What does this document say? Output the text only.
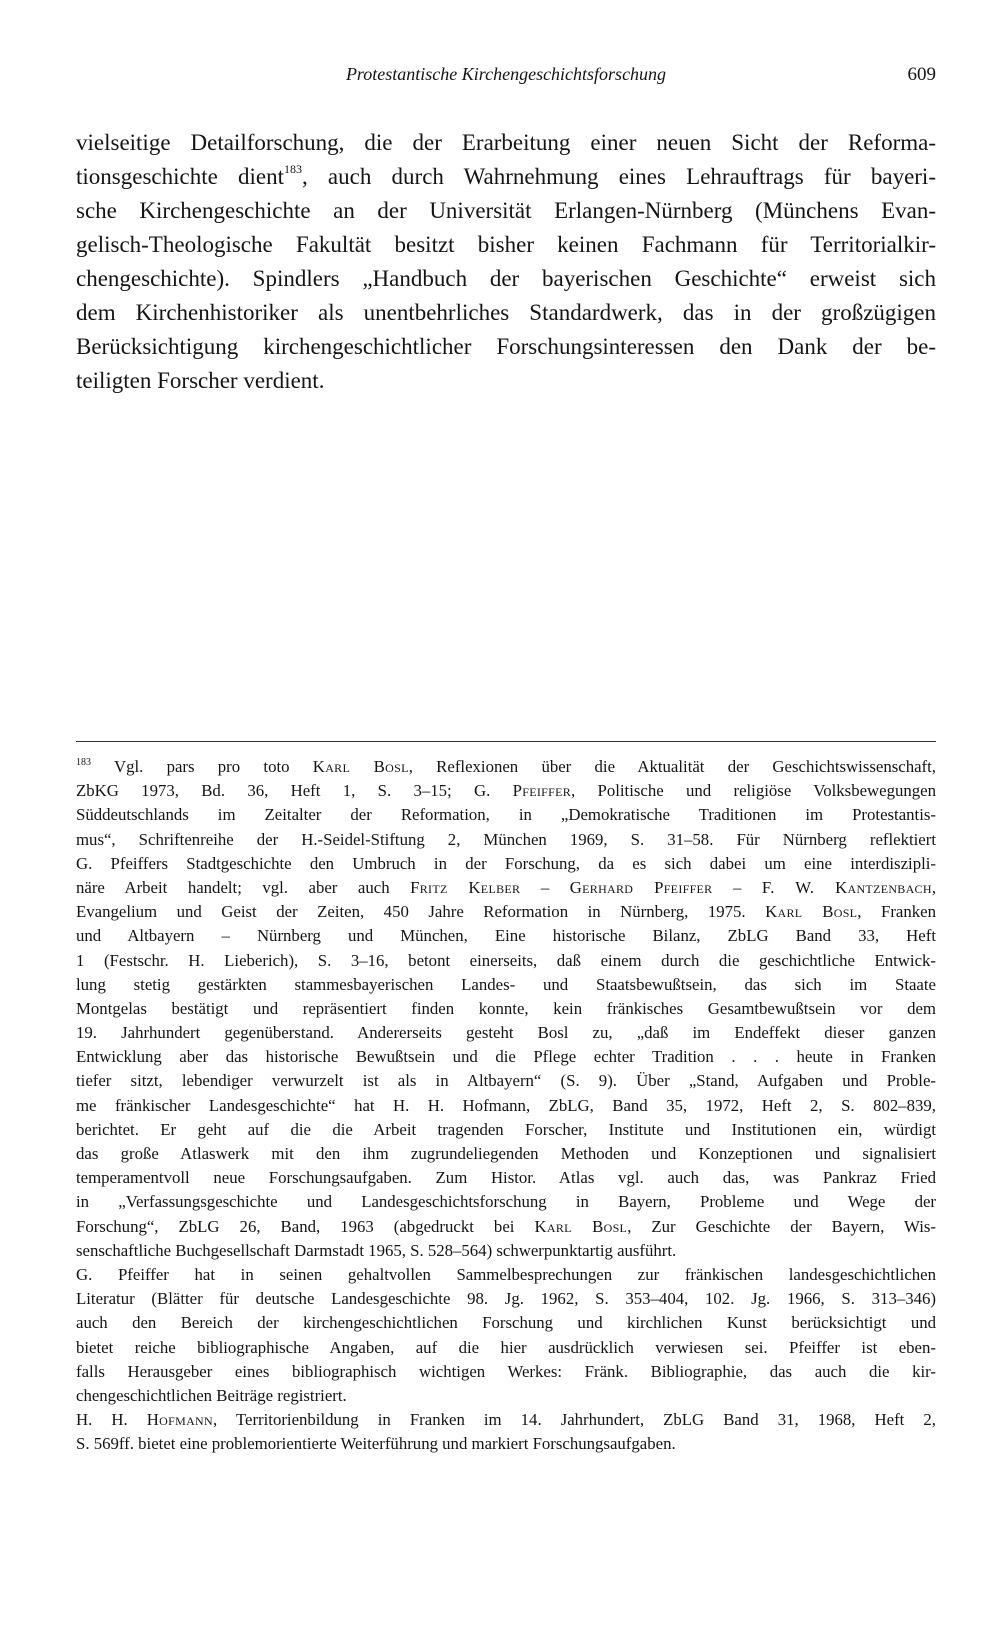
Protestantische Kirchengeschichtsforschung	609
vielseitige Detailforschung, die der Erarbeitung einer neuen Sicht der Reforma-
tionsgeschichte dient$^{183}$, auch durch Wahrnehmung eines Lehrauftrags für bayeri-
sche Kirchengeschichte an der Universität Erlangen-Nürnberg (Münchens Evan-
gelisch-Theologische Fakultät besitzt bisher keinen Fachmann für Territorialkir-
chengeschichte). Spindlers „Handbuch der bayerischen Geschichte“ erweist sich
dem Kirchenhistoriker als unentbehrliches Standardwerk, das in der großzügigen
Berücksichtigung kirchengeschichtlicher Forschungsinteressen den Dank der be-
teiligten Forscher verdient.
$^{183}$ Vgl. pars pro toto Karl Bosl, Reflexionen über die Aktualität der Geschichtswissenschaft,
ZbKG 1973, Bd. 36, Heft 1, S. 3–15; G. Pfeiffer, Politische und religiöse Volksbewegungen
Süddeutschlands im Zeitalter der Reformation, in „Demokratische Traditionen im Protestantis-
mus“, Schriftenreihe der H.-Seidel-Stiftung 2, München 1969, S. 31–58. Für Nürnberg reflektiert
G. Pfeiffers Stadtgeschichte den Umbruch in der Forschung, da es sich dabei um eine interdiszipli-
näre Arbeit handelt; vgl. aber auch Fritz Kelber – Gerhard Pfeiffer – F. W. Kantzenbach,
Evangelium und Geist der Zeiten, 450 Jahre Reformation in Nürnberg, 1975. Karl Bosl, Franken
und Altbayern – Nürnberg und München, Eine historische Bilanz, ZbLG Band 33, Heft
1 (Festschr. H. Lieberich), S. 3–16, betont einerseits, daß einem durch die geschichtliche Entwick-
lung stetig gestärkten stammesbayerischen Landes- und Staatsbewußtsein, das sich im Staate
Montgelas bestätigt und repräsentiert finden konnte, kein fränkisches Gesamtbewußtsein vor dem
19. Jahrhundert gegenüberstand. Andererseits gesteht Bosl zu, „daß im Endeffekt dieser ganzen
Entwicklung aber das historische Bewußtsein und die Pflege echter Tradition . . . heute in Franken
tiefer sitzt, lebendiger verwurzelt ist als in Altbayern“ (S. 9). Über „Stand, Aufgaben und Proble-
me fränkischer Landesgeschichte“ hat H. H. Hofmann, ZbLG, Band 35, 1972, Heft 2, S. 802–839,
berichtet. Er geht auf die die Arbeit tragenden Forscher, Institute und Institutionen ein, würdigt
das große Atlaswerk mit den ihm zugrundeliegenden Methoden und Konzeptionen und signalisiert
temperamentvoll neue Forschungsaufgaben. Zum Histor. Atlas vgl. auch das, was Pankraz Fried
in „Verfassungsgeschichte und Landesgeschichtsforschung in Bayern, Probleme und Wege der
Forschung“, ZbLG 26, Band, 1963 (abgedruckt bei Karl Bosl, Zur Geschichte der Bayern, Wis-
senschaftliche Buchgesellschaft Darmstadt 1965, S. 528–564) schwerpunktartig ausführt.
G. Pfeiffer hat in seinen gehaltvollen Sammelbesprechungen zur fränkischen landesgeschichtlichen
Literatur (Blätter für deutsche Landesgeschichte 98. Jg. 1962, S. 353–404, 102. Jg. 1966, S. 313–346)
auch den Bereich der kirchengeschichtlichen Forschung und kirchlichen Kunst berücksichtigt und
bietet reiche bibliographische Angaben, auf die hier ausdrücklich verwiesen sei. Pfeiffer ist eben-
falls Herausgeber eines bibliographisch wichtigen Werkes: Fränk. Bibliographie, das auch die kir-
chengeschichtlichen Beiträge registriert.
H. H. Hofmann, Territorienbildung in Franken im 14. Jahrhundert, ZbLG Band 31, 1968, Heft 2,
S. 569ff. bietet eine problemorientierte Weiterführung und markiert Forschungsaufgaben.
